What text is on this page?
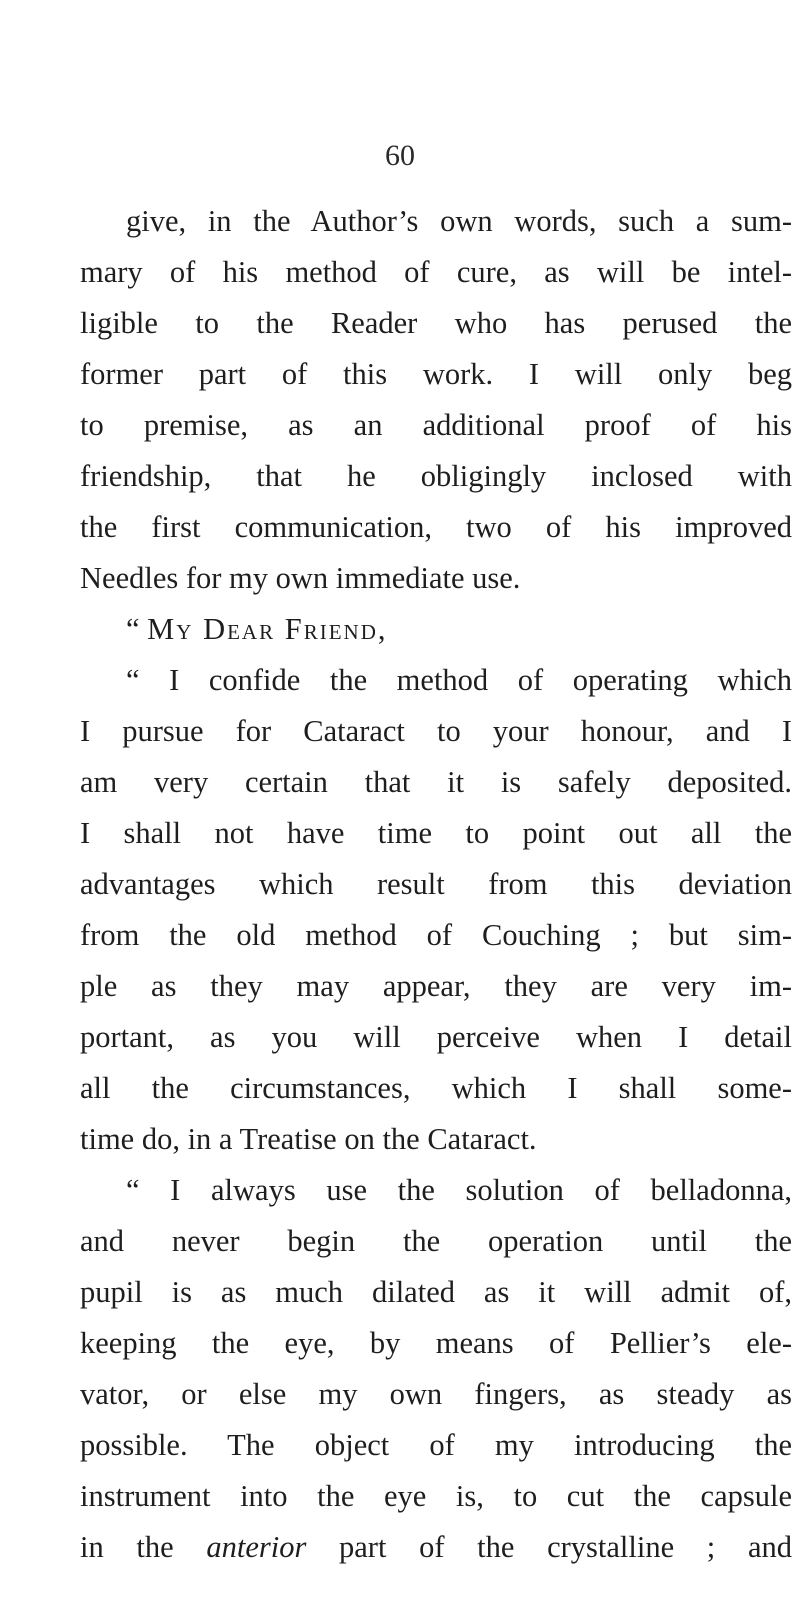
60
give, in the Author’s own words, such a sum-
mary of his method of cure, as will be intel-
ligible to the Reader who has perused the
former part of this work. I will only beg
to premise, as an additional proof of his
friendship, that he obligingly inclosed with
the first communication, two of his improved
Needles for my own immediate use.
“ My Dear Friend,
“ I confide the method of operating which
I pursue for Cataract to your honour, and I
am very certain that it is safely deposited.
I shall not have time to point out all the
advantages which result from this deviation
from the old method of Couching ; but sim-
ple as they may appear, they are very im-
portant, as you will perceive when I detail
all the circumstances, which I shall some-
time do, in a Treatise on the Cataract.
“ I always use the solution of belladonna,
and never begin the operation until the
pupil is as much dilated as it will admit of,
keeping the eye, by means of Pellier’s ele-
vator, or else my own fingers, as steady as
possible. The object of my introducing the
instrument into the eye is, to cut the capsule
in the anterior part of the crystalline ; and
